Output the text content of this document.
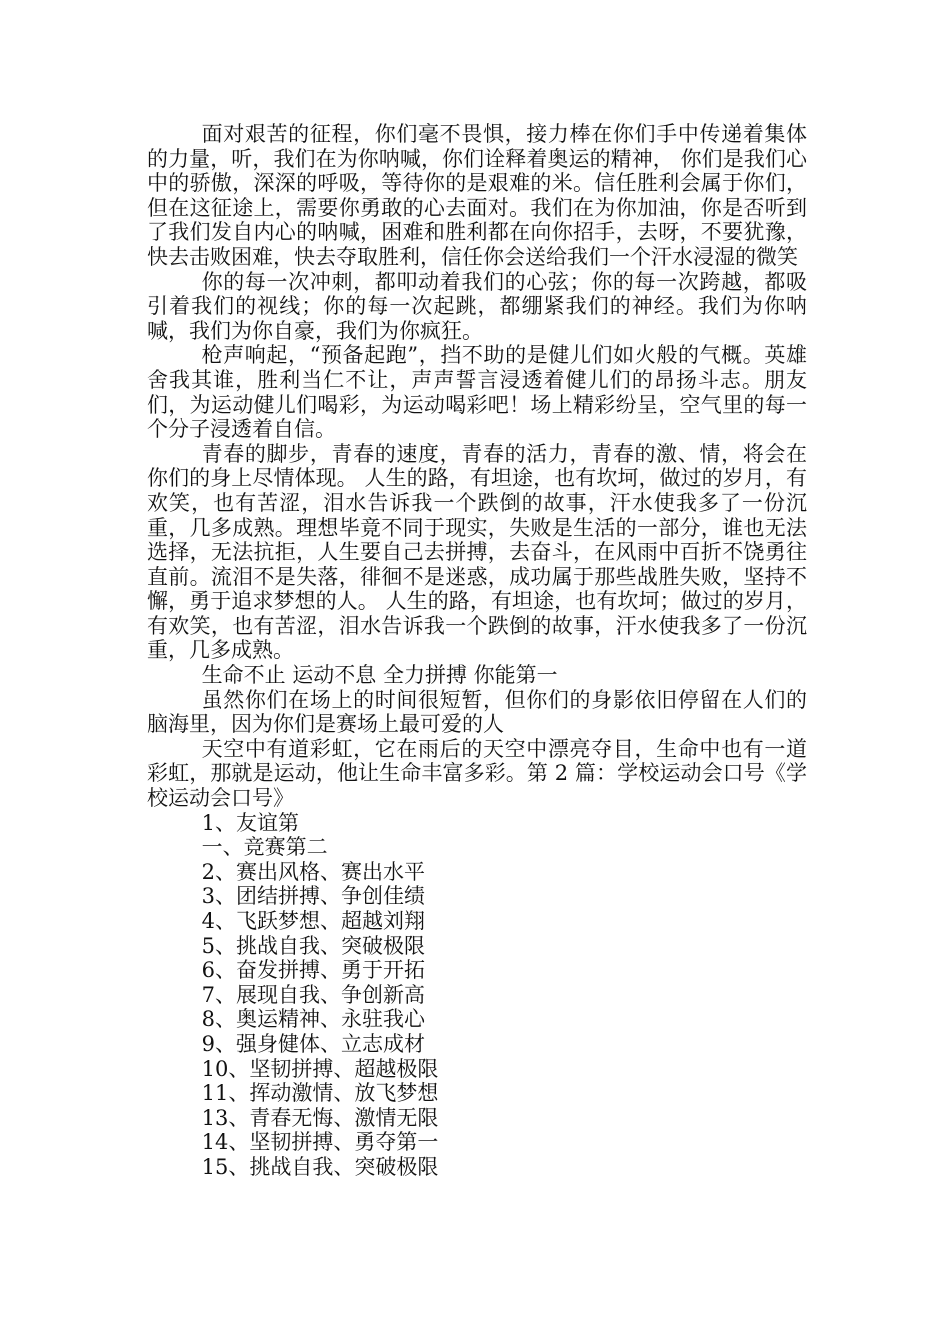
面对艰苦的征程，你们毫不畏惧，接力棒在你们手中传递着集体的力量，听，我们在为你呐喊，你们诠释着奥运的精神， 你们是我们心中的骄傲，深深的呼吸，等待你的是艰难的米。信任胜利会属于你们，但在这征途上，需要你勇敢的心去面对。我们在为你加油，你是否听到了我们发自内心的呐喊，困难和胜利都在向你招手，去呀，不要犹豫，快去击败困难，快去夺取胜利，信任你会送给我们一个汗水浸湿的微笑

你的每一次冲刺，都叩动着我们的心弦；你的每一次跨越，都吸引着我们的视线；你的每一次起跳，都绷紧我们的神经。我们为你呐喊，我们为你自豪，我们为你疯狂。

枪声响起，“预备起跑”，挡不助的是健儿们如火般的气概。英雄舍我其谁，胜利当仁不让，声声誓言浸透着健儿们的昂扬斗志。朋友们，为运动健儿们喝彩，为运动喝彩吧！场上精彩纷呈，空气里的每一个分子浸透着自信。

青春的脚步，青春的速度，青春的活力，青春的激、情，将会在你们的身上尽情体现。 人生的路，有坦途，也有坎坷，做过的岁月，有欢笑，也有苦涩，泪水告诉我一个跌倒的故事，汗水使我多了一份沉重，几多成熟。理想毕竟不同于现实，失败是生活的一部分，谁也无法选择，无法抗拒，人生要自己去拼搏，去奋斗，在风雨中百折不饶勇往直前。流泪不是失落，徘徊不是迷惑，成功属于那些战胜失败，坚持不懈，勇于追求梦想的人。 人生的路，有坦途，也有坎坷；做过的岁月，有欢笑，也有苦涩，泪水告诉我一个跌倒的故事，汗水使我多了一份沉重，几多成熟。

生命不止 运动不息 全力拼搏 你能第一

虽然你们在场上的时间很短暂，但你们的身影依旧停留在人们的脑海里，因为你们是赛场上最可爱的人

天空中有道彩虹，它在雨后的天空中漂亮夺目，生命中也有一道彩虹，那就是运动，他让生命丰富多彩。第 2 篇：学校运动会口号《学校运动会口号》

1、友谊第
一、竞赛第二
2、赛出风格、赛出水平
3、团结拼搏、争创佳绩
4、飞跃梦想、超越刘翔
5、挑战自我、突破极限
6、奋发拼搏、勇于开拓
7、展现自我、争创新高
8、奥运精神、永驻我心
9、强身健体、立志成材
10、坚韧拼搏、超越极限
11、挥动激情、放飞梦想
13、青春无悔、激情无限
14、坚韧拼搏、勇夺第一
15、挑战自我、突破极限
